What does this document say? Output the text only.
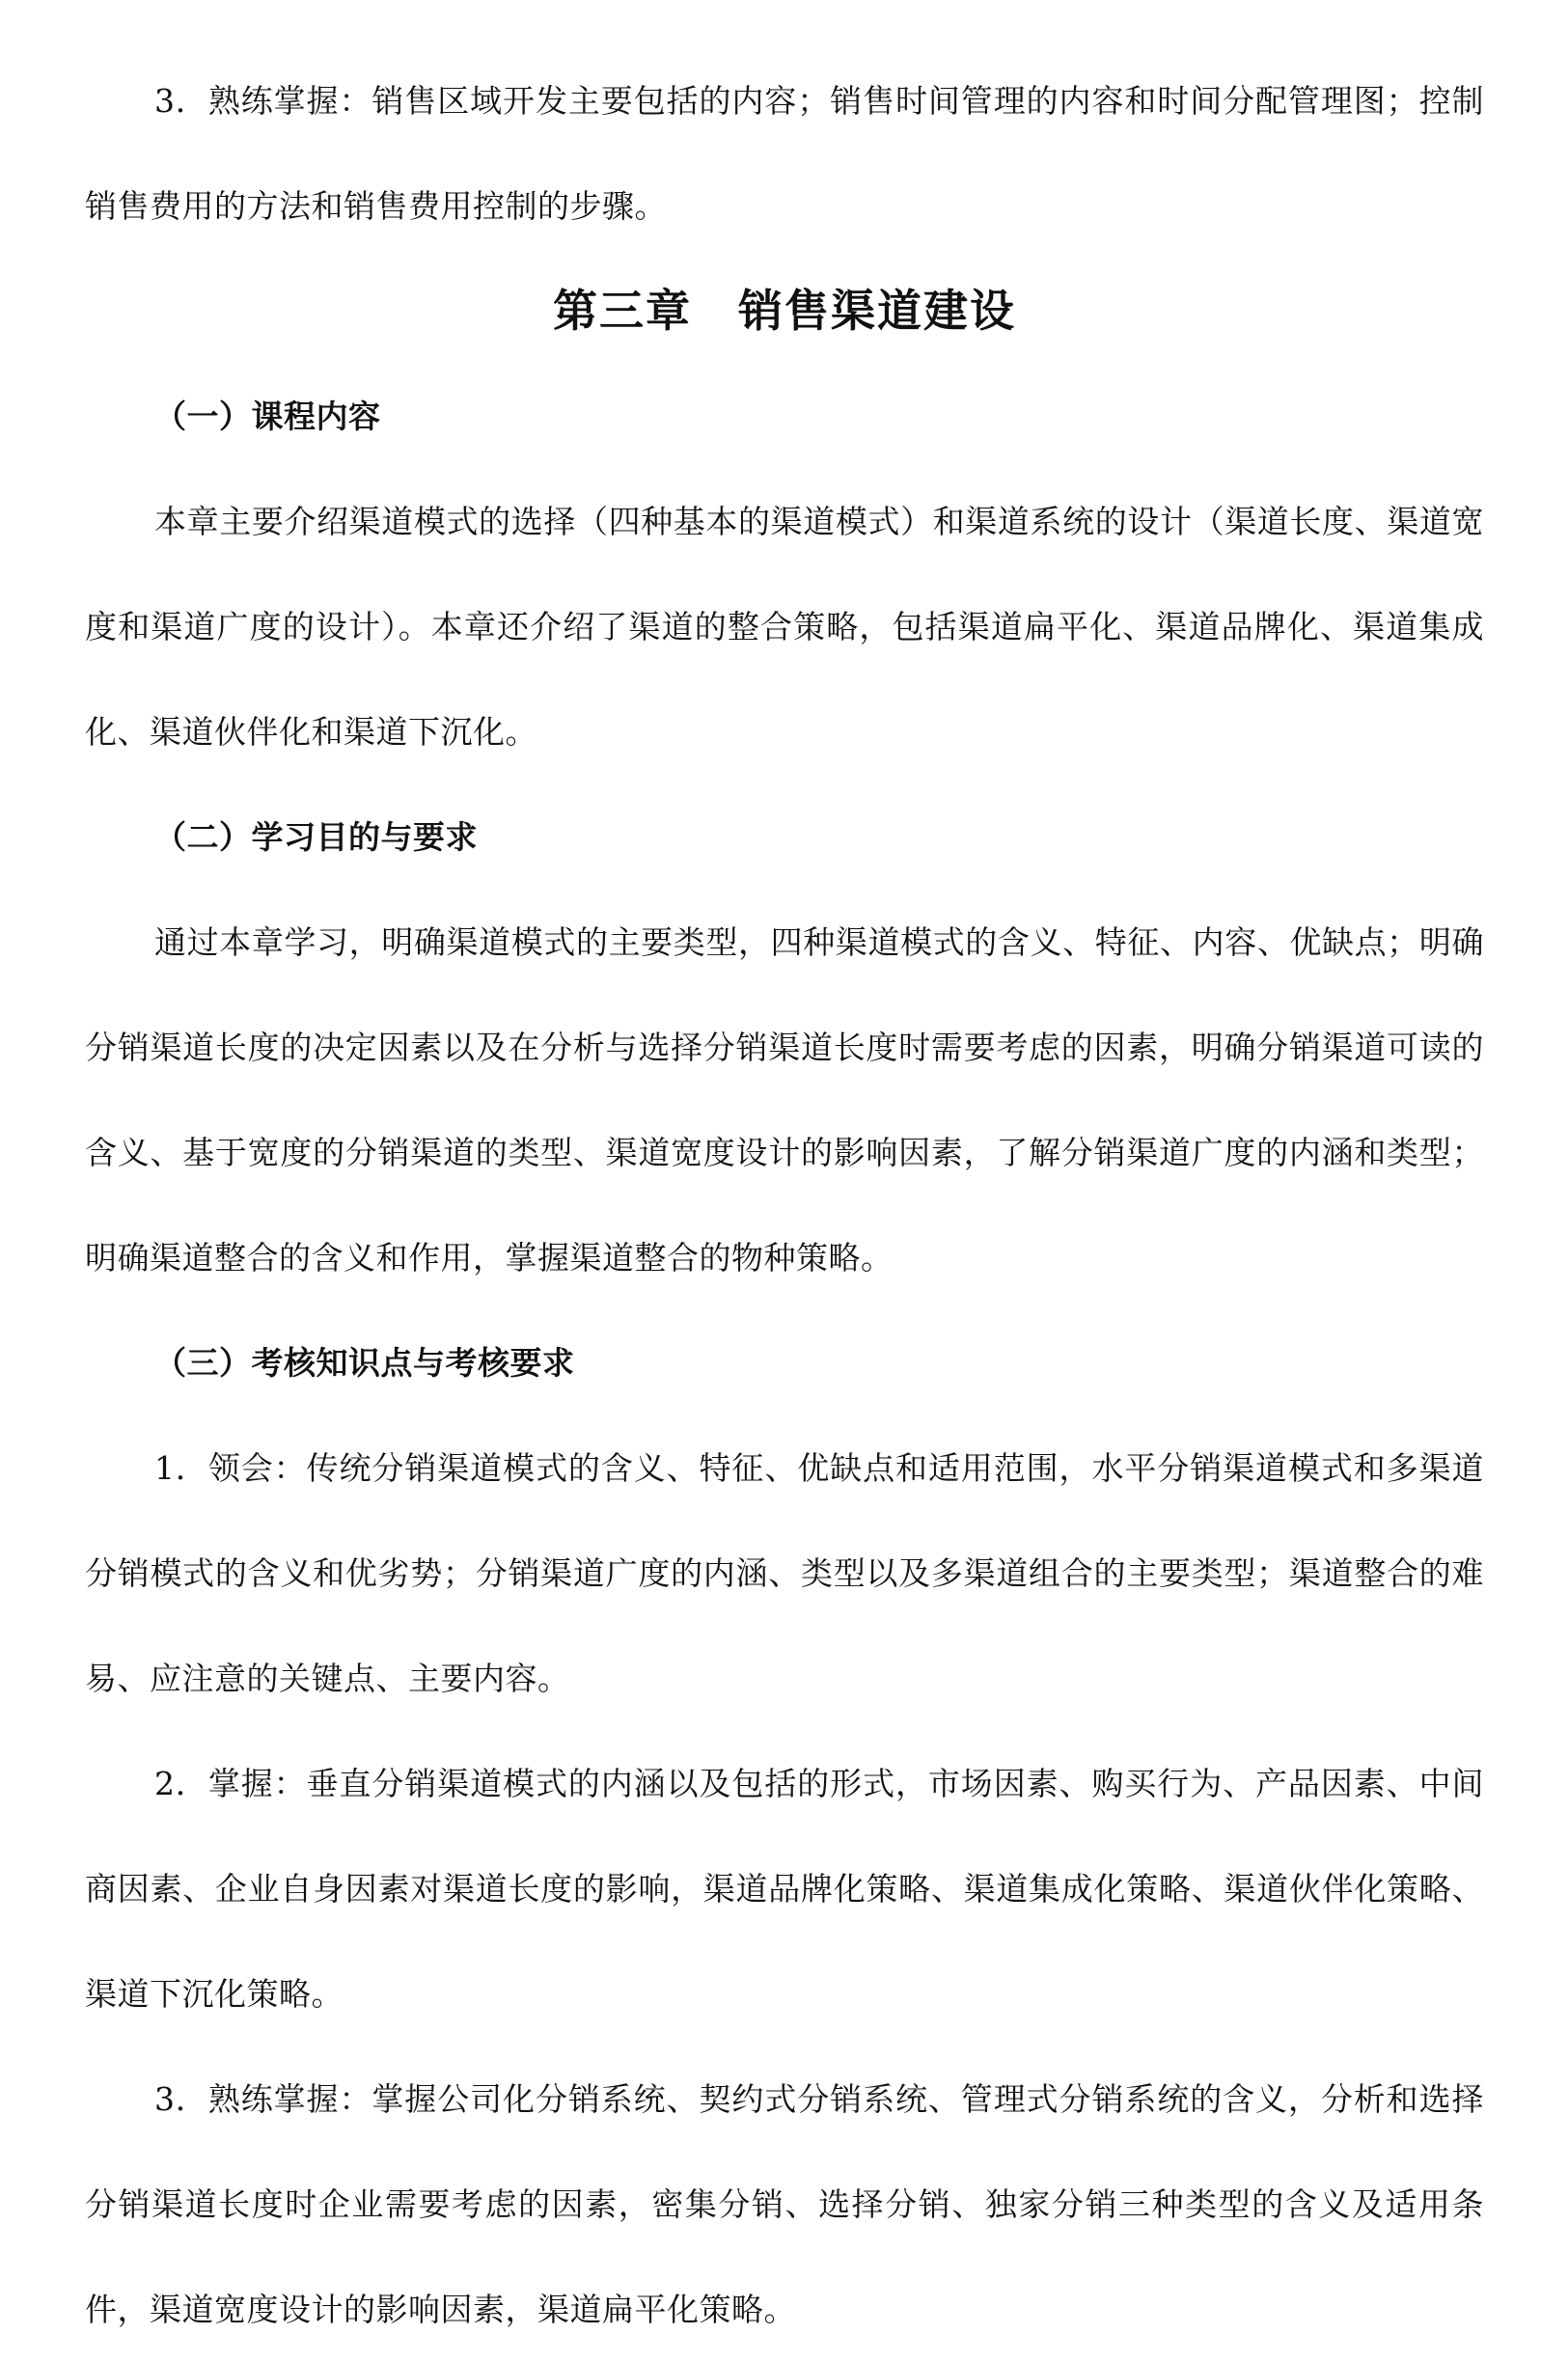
3．熟练掌握：销售区域开发主要包括的内容；销售时间管理的内容和时间分配管理图；控制销售费用的方法和销售费用控制的步骤。

第三章　销售渠道建设
（一）课程内容

本章主要介绍渠道模式的选择（四种基本的渠道模式）和渠道系统的设计（渠道长度、渠道宽度和渠道广度的设计）。本章还介绍了渠道的整合策略，包括渠道扁平化、渠道品牌化、渠道集成化、渠道伙伴化和渠道下沉化。

（二）学习目的与要求

通过本章学习，明确渠道模式的主要类型，四种渠道模式的含义、特征、内容、优缺点；明确分销渠道长度的决定因素以及在分析与选择分销渠道长度时需要考虑的因素，明确分销渠道可读的含义、基于宽度的分销渠道的类型、渠道宽度设计的影响因素，了解分销渠道广度的内涵和类型；明确渠道整合的含义和作用，掌握渠道整合的物种策略。

（三）考核知识点与考核要求

1．领会：传统分销渠道模式的含义、特征、优缺点和适用范围，水平分销渠道模式和多渠道分销模式的含义和优劣势；分销渠道广度的内涵、类型以及多渠道组合的主要类型；渠道整合的难易、应注意的关键点、主要内容。

2．掌握：垂直分销渠道模式的内涵以及包括的形式，市场因素、购买行为、产品因素、中间商因素、企业自身因素对渠道长度的影响，渠道品牌化策略、渠道集成化策略、渠道伙伴化策略、渠道下沉化策略。

3．熟练掌握：掌握公司化分销系统、契约式分销系统、管理式分销系统的含义，分析和选择分销渠道长度时企业需要考虑的因素，密集分销、选择分销、独家分销三种类型的含义及适用条件，渠道宽度设计的影响因素，渠道扁平化策略。
